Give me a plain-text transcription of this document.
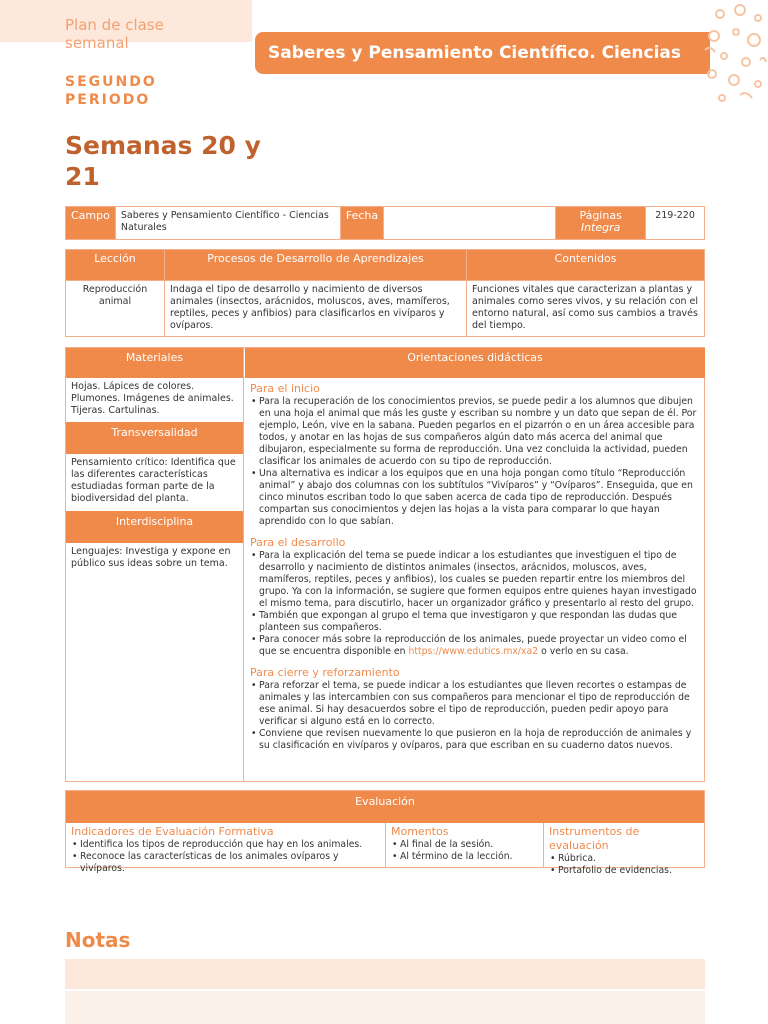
Plan de clase semanal
SEGUNDO PERIODO
Saberes y Pensamiento Científico. Ciencias
Semanas 20 y 21
Campo	Saberes y Pensamiento Científico - Ciencias Naturales	Fecha		Páginas Integra	219-220
Lección	Procesos de Desarrollo de Aprendizajes	Contenidos
Reproducción animal	Indaga el tipo de desarrollo y nacimiento de diversos animales (insectos, arácnidos, moluscos, aves, mamíferos, reptiles, peces y anfibios) para clasificarlos en vivíparos y ovíparos.	Funciones vitales que caracterizan a plantas y animales como seres vivos, y su relación con el entorno natural, así como sus cambios a través del tiempo.
Materiales
Hojas. Lápices de colores. Plumones. Imágenes de animales. Tijeras. Cartulinas.
Transversalidad
Pensamiento crítico: Identifica que las diferentes características estudiadas forman parte de la biodiversidad del planta.
Interdisciplina
Lenguajes: Investiga y expone en público sus ideas sobre un tema.
Orientaciones didácticas
Para el inicio
• Para la recuperación de los conocimientos previos, se puede pedir a los alumnos que dibujen en una hoja el animal que más les guste y escriban su nombre y un dato que sepan de él. Por ejemplo, León, vive en la sabana. Pueden pegarlos en el pizarrón o en un área accesible para todos, y anotar en las hojas de sus compañeros algún dato más acerca del animal que dibujaron, especialmente su forma de reproducción. Una vez concluida la actividad, pueden clasificar los animales de acuerdo con su tipo de reproducción.
• Una alternativa es indicar a los equipos que en una hoja pongan como título “Reproducción animal” y abajo dos columnas con los subtítulos “Vivíparos” y “Ovíparos”. Enseguida, que en cinco minutos escriban todo lo que saben acerca de cada tipo de reproducción. Después compartan sus conocimientos y dejen las hojas a la vista para comparar lo que hayan aprendido con lo que sabían.
Para el desarrollo
• Para la explicación del tema se puede indicar a los estudiantes que investiguen el tipo de desarrollo y nacimiento de distintos animales (insectos, arácnidos, moluscos, aves, mamíferos, reptiles, peces y anfibios), los cuales se pueden repartir entre los miembros del grupo. Ya con la información, se sugiere que formen equipos entre quienes hayan investigado el mismo tema, para discutirlo, hacer un organizador gráfico y presentarlo al resto del grupo.
• También que expongan al grupo el tema que investigaron y que respondan las dudas que planteen sus compañeros.
• Para conocer más sobre la reproducción de los animales, puede proyectar un video como el que se encuentra disponible en https://www.edutics.mx/xa2 o verlo en su casa.
Para cierre y reforzamiento
• Para reforzar el tema, se puede indicar a los estudiantes que lleven recortes o estampas de animales y las intercambien con sus compañeros para mencionar el tipo de reproducción de ese animal. Si hay desacuerdos sobre el tipo de reproducción, pueden pedir apoyo para verificar si alguno está en lo correcto.
• Conviene que revisen nuevamente lo que pusieron en la hoja de reproducción de animales y su clasificación en vivíparos y ovíparos, para que escriban en su cuaderno datos nuevos.
Evaluación
Indicadores de Evaluación Formativa
• Identifica los tipos de reproducción que hay en los animales.
• Reconoce las características de los animales ovíparos y vivíparos.
Momentos
• Al final de la sesión.
• Al término de la lección.
Instrumentos de evaluación
• Rúbrica.
• Portafolio de evidencias.
Notas
